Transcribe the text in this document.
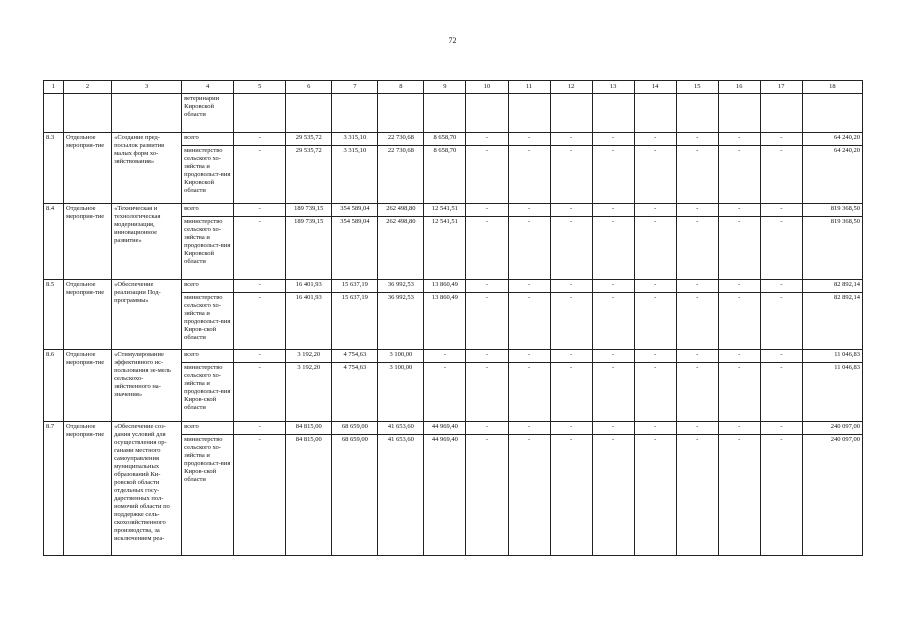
72
1	2	3	4	5	6	7	8	9	10	11	12	13	14	15	16	17	18
			ветеринарии Кировской области														
8.3	Отдельное мероприя-тие	«Создание пред-посылок развития малых форм хо-зяйствования»	всего	-	29 535,72	3 315,10	22 730,68	8 658,70	-	-	-	-	-	-	-	-	64 240,20
			министерство сельского хо-зяйства и продовольст-вия Кировской области	-	29 535,72	3 315,10	22 730,68	8 658,70	-	-	-	-	-	-	-	-	64 240,20
8.4	Отдельное мероприя-тие	«Техническая и технологическая модернизация, инновационное развитие»	всего	-	189 739,15	354 589,04	262 498,80	12 541,51	-	-	-	-	-	-	-	-	819 368,50
			министерство сельского хо-зяйства и продовольст-вия Кировской области	-	189 739,15	354 589,04	262 498,80	12 541,51	-	-	-	-	-	-	-	-	819 368,50
8.5	Отдельное мероприя-тие	«Обеспечение реализации Под-программы»	всего	-	16 401,93	15 637,19	36 992,53	13 860,49	-	-	-	-	-	-	-	-	82 892,14
			министерство сельского хо-зяйства и продовольст-вия Киров-ской области	-	16 401,93	15 637,19	36 992,53	13 860,49	-	-	-	-	-	-	-	-	82 892,14
8.6	Отдельное мероприя-тие	«Стимулирование эффективного ис-пользования зе-мель сельскохо-зяйственного на-значения»	всего	-	3 192,20	4 754,63	3 100,00	-	-	-	-	-	-	-	-	-	11 046,83
			министерство сельского хо-зяйства и продовольст-вия Киров-ской области	-	3 192,20	4 754,63	3 100,00	-	-	-	-	-	-	-	-	-	11 046,83
8.7	Отдельное мероприя-тие	«Обеспечение соз-дания условий для осуществления ор-ганами местного самоуправления муниципальных образований Ки-ровской области отдельных госу-дарственных пол-номочий области по поддержке сель-скохозяйственного производства, за исключением реа-	всего	-	84 815,00	68 659,00	41 653,60	44 969,40	-	-	-	-	-	-	-	-	240 097,00
			министерство сельского хо-зяйства и продовольст-вия Киров-ской области	-	84 815,00	68 659,00	41 653,60	44 969,40	-	-	-	-	-	-	-	-	240 097,00
